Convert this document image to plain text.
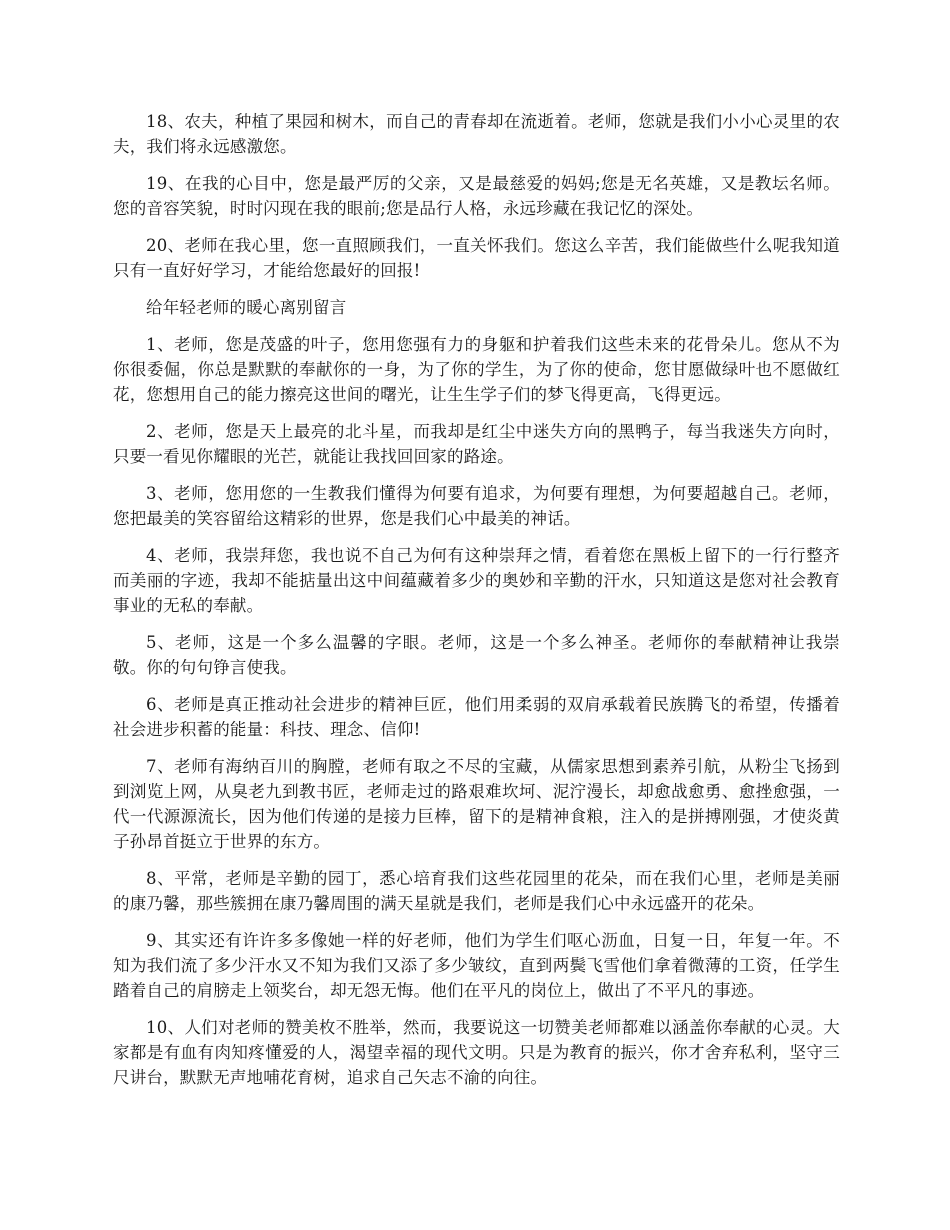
18、农夫，种植了果园和树木，而自己的青春却在流逝着。老师，您就是我们小小心灵里的农夫，我们将永远感激您。

19、在我的心目中，您是最严厉的父亲，又是最慈爱的妈妈;您是无名英雄，又是教坛名师。您的音容笑貌，时时闪现在我的眼前;您是品行人格，永远珍藏在我记忆的深处。

20、老师在我心里，您一直照顾我们，一直关怀我们。您这么辛苦，我们能做些什么呢我知道只有一直好好学习，才能给您最好的回报!

给年轻老师的暖心离别留言

1、老师，您是茂盛的叶子，您用您强有力的身躯和护着我们这些未来的花骨朵儿。您从不为你很委倔，你总是默默的奉献你的一身，为了你的学生，为了你的使命，您甘愿做绿叶也不愿做红花，您想用自己的能力擦亮这世间的曙光，让生生学子们的梦飞得更高，飞得更远。

2、老师，您是天上最亮的北斗星，而我却是红尘中迷失方向的黑鸭子，每当我迷失方向时，只要一看见你耀眼的光芒，就能让我找回回家的路途。

3、老师，您用您的一生教我们懂得为何要有追求，为何要有理想，为何要超越自己。老师，您把最美的笑容留给这精彩的世界，您是我们心中最美的神话。

4、老师，我崇拜您，我也说不自己为何有这种崇拜之情，看着您在黑板上留下的一行行整齐而美丽的字迹，我却不能掂量出这中间蕴藏着多少的奥妙和辛勤的汗水，只知道这是您对社会教育事业的无私的奉献。

5、老师，这是一个多么温馨的字眼。老师，这是一个多么神圣。老师你的奉献精神让我崇敬。你的句句铮言使我。

6、老师是真正推动社会进步的精神巨匠，他们用柔弱的双肩承载着民族腾飞的希望，传播着社会进步积蓄的能量：科技、理念、信仰!

7、老师有海纳百川的胸膛，老师有取之不尽的宝藏，从儒家思想到素养引航，从粉尘飞扬到到浏览上网，从臭老九到教书匠，老师走过的路艰难坎坷、泥泞漫长，却愈战愈勇、愈挫愈强，一代一代源源流长，因为他们传递的是接力巨棒，留下的是精神食粮，注入的是拼搏刚强，才使炎黄子孙昂首挺立于世界的东方。

8、平常，老师是辛勤的园丁，悉心培育我们这些花园里的花朵，而在我们心里，老师是美丽的康乃馨，那些簇拥在康乃馨周围的满天星就是我们，老师是我们心中永远盛开的花朵。

9、其实还有许许多多像她一样的好老师，他们为学生们呕心沥血，日复一日，年复一年。不知为我们流了多少汗水又不知为我们又添了多少皱纹，直到两鬓飞雪他们拿着微薄的工资，任学生踏着自己的肩膀走上领奖台，却无怨无悔。他们在平凡的岗位上，做出了不平凡的事迹。

10、人们对老师的赞美枚不胜举，然而，我要说这一切赞美老师都难以涵盖你奉献的心灵。大家都是有血有肉知疼懂爱的人，渴望幸福的现代文明。只是为教育的振兴，你才舍弃私利，坚守三尺讲台，默默无声地哺花育树，追求自己矢志不渝的向往。
